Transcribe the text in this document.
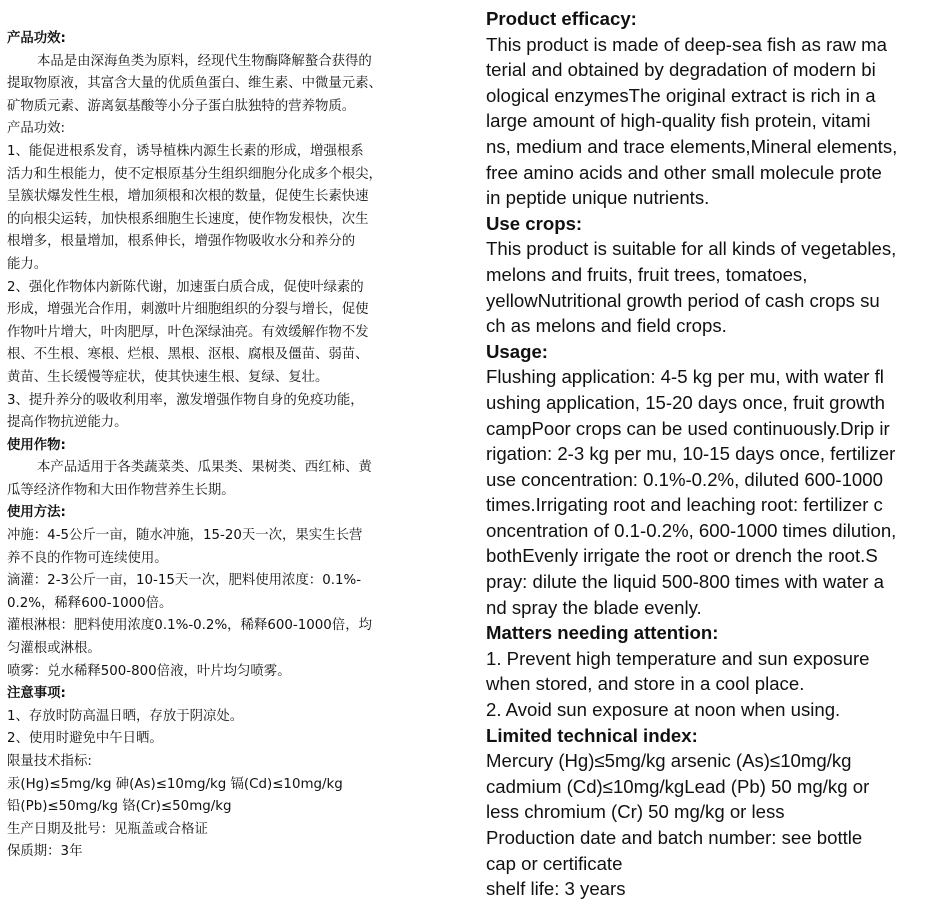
产品功效:
本品是由深海鱼类为原料，经现代生物酶降解螯合获得的
提取物原液，其富含大量的优质鱼蛋白、维生素、中微量元素、
矿物质元素、游离氨基酸等小分子蛋白肽独特的营养物质。
产品功效:
1、能促进根系发育，诱导植株内源生长素的形成，增强根系
活力和生根能力，使不定根原基分生组织细胞分化成多个根尖，
呈簇状爆发性生根，增加须根和次根的数量，促使生长素快速
的向根尖运转，加快根系细胞生长速度，使作物发根快，次生
根增多，根量增加，根系伸长，增强作物吸收水分和养分的
能力。
2、强化作物体内新陈代谢，加速蛋白质合成，促使叶绿素的
形成，增强光合作用，刺激叶片细胞组织的分裂与增长，促使
作物叶片增大，叶肉肥厚，叶色深绿油亮。有效缓解作物不发
根、不生根、寒根、烂根、黑根、沤根、腐根及僵苗、弱苗、
黄苗、生长缓慢等症状，使其快速生根、复绿、复壮。
3、提升养分的吸收利用率，激发增强作物自身的免疫功能，
提高作物抗逆能力。
使用作物:
本产品适用于各类蔬菜类、瓜果类、果树类、西红柿、黄
瓜等经济作物和大田作物营养生长期。
使用方法:
冲施：4-5公斤一亩，随水冲施，15-20天一次，果实生长营
养不良的作物可连续使用。
滴灌：2-3公斤一亩，10-15天一次，肥料使用浓度：0.1%-
0.2%，稀释600-1000倍。
灌根淋根：肥料使用浓度0.1%-0.2%，稀释600-1000倍，均
匀灌根或淋根。
喷雾：兑水稀释500-800倍液，叶片均匀喷雾。
注意事项:
1、存放时防高温日晒，存放于阴凉处。
2、使用时避免中午日晒。
限量技术指标:
汞(Hg)≤5mg/kg 砷(As)≤10mg/kg 镉(Cd)≤10mg/kg
铅(Pb)≤50mg/kg 铬(Cr)≤50mg/kg
生产日期及批号：见瓶盖或合格证
保质期：3年
Product efficacy:
This product is made of deep-sea fish as raw ma
terial and obtained by degradation of modern bi
ological enzymesThe original extract is rich in a
large amount of high-quality fish protein, vitami
ns, medium and trace elements,Mineral elements,
free amino acids and other small molecule prote
in peptide unique nutrients.
Use crops:
This product is suitable for all kinds of vegetables,
melons and fruits, fruit trees, tomatoes,
yellowNutritional growth period of cash crops su
ch as melons and field crops.
Usage:
Flushing application: 4-5 kg per mu, with water fl
ushing application, 15-20 days once, fruit growth
campPoor crops can be used continuously.Drip ir
rigation: 2-3 kg per mu, 10-15 days once, fertilizer
use concentration: 0.1%-0.2%, diluted 600-1000
times.Irrigating root and leaching root: fertilizer c
oncentration of 0.1-0.2%, 600-1000 times dilution,
bothEvenly irrigate the root or drench the root.S
pray: dilute the liquid 500-800 times with water a
nd spray the blade evenly.
Matters needing attention:
1. Prevent high temperature and sun exposure
when stored, and store in a cool place.
2. Avoid sun exposure at noon when using.
Limited technical index:
Mercury (Hg)≤5mg/kg arsenic (As)≤10mg/kg
cadmium (Cd)≤10mg/kgLead (Pb) 50 mg/kg or
less chromium (Cr) 50 mg/kg or less
Production date and batch number: see bottle
cap or certificate
shelf life: 3 years
